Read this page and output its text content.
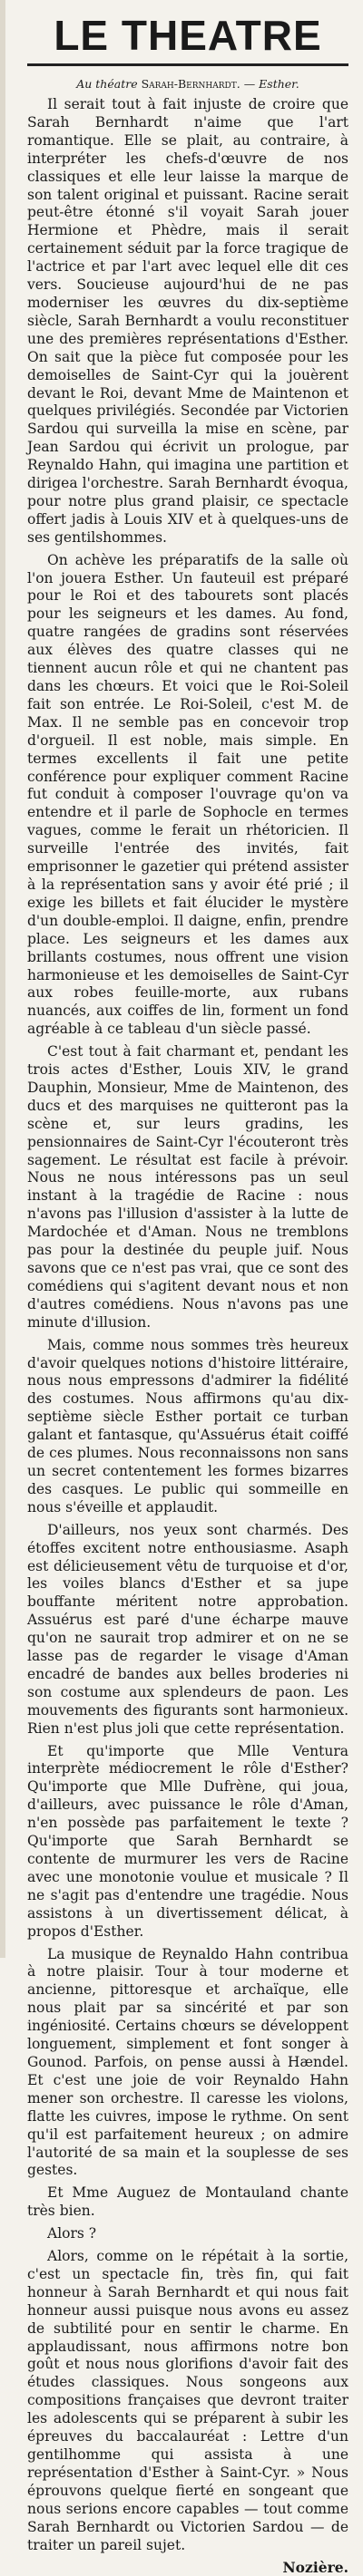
LE THEATRE
Au théatre Sarah-Bernhardt. — Esther.

Il serait tout à fait injuste de croire que Sarah Bernhardt n'aime que l'art romantique. Elle se plait, au contraire, à interpréter les chefs-d'œuvre de nos classiques et elle leur laisse la marque de son talent original et puissant. Racine serait peut-être étonné s'il voyait Sarah jouer Hermione et Phèdre, mais il serait certainement séduit par la force tragique de l'actrice et par l'art avec lequel elle dit ces vers. Soucieuse aujourd'hui de ne pas moderniser les œuvres du dix-septième siècle, Sarah Bernhardt a voulu reconstituer une des premières représentations d'Esther. On sait que la pièce fut composée pour les demoiselles de Saint-Cyr qui la jouèrent devant le Roi, devant Mme de Maintenon et quelques privilégiés. Secondée par Victorien Sardou qui surveilla la mise en scène, par Jean Sardou qui écrivit un prologue, par Reynaldo Hahn, qui imagina une partition et dirigea l'orchestre. Sarah Bernhardt évoqua, pour notre plus grand plaisir, ce spectacle offert jadis à Louis XIV et à quelques-uns de ses gentilshommes.

On achève les préparatifs de la salle où l'on jouera Esther. Un fauteuil est préparé pour le Roi et des tabourets sont placés pour les seigneurs et les dames. Au fond, quatre rangées de gradins sont réservées aux élèves des quatre classes qui ne tiennent aucun rôle et qui ne chantent pas dans les chœurs. Et voici que le Roi-Soleil fait son entrée. Le Roi-Soleil, c'est M. de Max. Il ne semble pas en concevoir trop d'orgueil. Il est noble, mais simple. En termes excellents il fait une petite conférence pour expliquer comment Racine fut conduit à composer l'ouvrage qu'on va entendre et il parle de Sophocle en termes vagues, comme le ferait un rhétoricien. Il surveille l'entrée des invités, fait emprisonner le gazetier qui prétend assister à la représentation sans y avoir été prié ; il exige les billets et fait élucider le mystère d'un double-emploi. Il daigne, enfin, prendre place. Les seigneurs et les dames aux brillants costumes, nous offrent une vision harmonieuse et les demoiselles de Saint-Cyr aux robes feuille-morte, aux rubans nuancés, aux coiffes de lin, forment un fond agréable à ce tableau d'un siècle passé.

C'est tout à fait charmant et, pendant les trois actes d'Esther, Louis XIV, le grand Dauphin, Monsieur, Mme de Maintenon, des ducs et des marquises ne quitteront pas la scène et, sur leurs gradins, les pensionnaires de Saint-Cyr l'écouteront très sagement. Le résultat est facile à prévoir. Nous ne nous intéressons pas un seul instant à la tragédie de Racine : nous n'avons pas l'illusion d'assister à la lutte de Mardochée et d'Aman. Nous ne tremblons pas pour la destinée du peuple juif. Nous savons que ce n'est pas vrai, que ce sont des comédiens qui s'agitent devant nous et non d'autres comédiens. Nous n'avons pas une minute d'illusion.

Mais, comme nous sommes très heureux d'avoir quelques notions d'histoire littéraire, nous nous empressons d'admirer la fidélité des costumes. Nous affirmons qu'au dix-septième siècle Esther portait ce turban galant et fantasque, qu'Assuérus était coiffé de ces plumes. Nous reconnaissons non sans un secret contentement les formes bizarres des casques. Le public qui sommeille en nous s'éveille et applaudit.

D'ailleurs, nos yeux sont charmés. Des étoffes excitent notre enthousiasme. Asaph est délicieusement vêtu de turquoise et d'or, les voiles blancs d'Esther et sa jupe bouffante méritent notre approbation. Assuérus est paré d'une écharpe mauve qu'on ne saurait trop admirer et on ne se lasse pas de regarder le visage d'Aman encadré de bandes aux belles broderies ni son costume aux splendeurs de paon. Les mouvements des figurants sont harmonieux. Rien n'est plus joli que cette représentation.

Et qu'importe que Mlle Ventura interprète médiocrement le rôle d'Esther? Qu'importe que Mlle Dufrène, qui joua, d'ailleurs, avec puissance le rôle d'Aman, n'en possède pas parfaitement le texte ? Qu'importe que Sarah Bernhardt se contente de murmurer les vers de Racine avec une monotonie voulue et musicale ? Il ne s'agit pas d'entendre une tragédie. Nous assistons à un divertissement délicat, à propos d'Esther.

La musique de Reynaldo Hahn contribua à notre plaisir. Tour à tour moderne et ancienne, pittoresque et archaïque, elle nous plait par sa sincérité et par son ingéniosité. Certains chœurs se développent longuement, simplement et font songer à Gounod. Parfois, on pense aussi à Hændel. Et c'est une joie de voir Reynaldo Hahn mener son orchestre. Il caresse les violons, flatte les cuivres, impose le rythme. On sent qu'il est parfaitement heureux ; on admire l'autorité de sa main et la souplesse de ses gestes.

Et Mme Auguez de Montauland chante très bien.

Alors ?

Alors, comme on le répétait à la sortie, c'est un spectacle fin, très fin, qui fait honneur à Sarah Bernhardt et qui nous fait honneur aussi puisque nous avons eu assez de subtilité pour en sentir le charme. En applaudissant, nous affirmons notre bon goût et nous nous glorifions d'avoir fait des études classiques. Nous songeons aux compositions françaises que devront traiter les adolescents qui se préparent à subir les épreuves du baccalauréat : Lettre d'un gentilhomme qui assista à une représentation d'Esther à Saint-Cyr. » Nous éprouvons quelque fierté en songeant que nous serions encore capables — tout comme Sarah Bernhardt ou Victorien Sardou — de traiter un pareil sujet.

Nozière.
